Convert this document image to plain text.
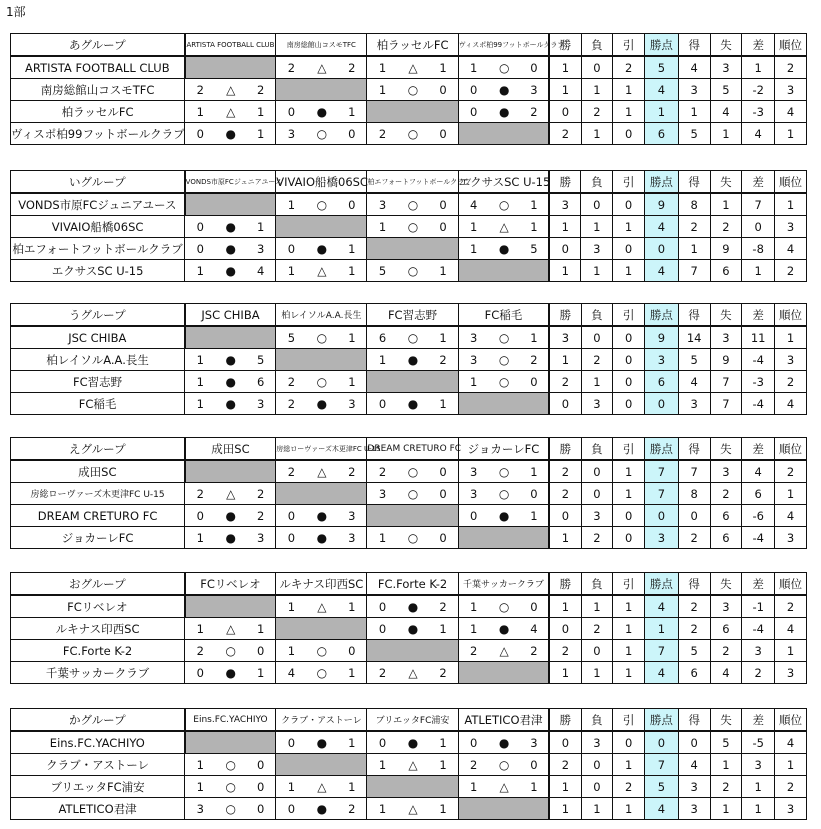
1部
あグループ	ARTISTA FOOTBALL CLUB			南房総館山コスモTFC			柏ラッセルFC			ヴィスポ柏99フットボールクラブ			勝	負	引	勝点	得	失	差	順位
ARTISTA FOOTBALL CLUB				2	△	2	1	△	1	1	○	0	1	0	2	5	4	3	1	2
南房総館山コスモTFC	2	△	2				1	○	0	0	●	3	1	1	1	4	3	5	-2	3
柏ラッセルFC	1	△	1	0	●	1				0	●	2	0	2	1	1	1	4	-3	4
ヴィスポ柏99フットボールクラブ	0	●	1	3	○	0	2	○	0				2	1	0	6	5	1	4	1
いグループ	VONDS市原FCジュニアユース			VIVAIO船橋06SC			柏エフォートフットボールクラブ			エクサスSC U-15			勝	負	引	勝点	得	失	差	順位
VONDS市原FCジュニアユース				1	○	0	3	○	0	4	○	1	3	0	0	9	8	1	7	1
VIVAIO船橋06SC	0	●	1				1	○	0	1	△	1	1	1	1	4	2	2	0	3
柏エフォートフットボールクラブ	0	●	3	0	●	1				1	●	5	0	3	0	0	1	9	-8	4
エクサスSC U-15	1	●	4	1	△	1	5	○	1				1	1	1	4	7	6	1	2
うグループ	JSC CHIBA			柏レイソルA.A.長生			FC習志野			FC稲毛			勝	負	引	勝点	得	失	差	順位
JSC CHIBA				5	○	1	6	○	1	3	○	1	3	0	0	9	14	3	11	1
柏レイソルA.A.長生	1	●	5				1	●	2	3	○	2	1	2	0	3	5	9	-4	3
FC習志野	1	●	6	2	○	1				1	○	0	2	1	0	6	4	7	-3	2
FC稲毛	1	●	3	2	●	3	0	●	1				0	3	0	0	3	7	-4	4
えグループ	成田SC			房総ローヴァーズ木更津FC U-15			DREAM CRETURO FC			ジョカーレFC			勝	負	引	勝点	得	失	差	順位
成田SC				2	△	2	2	○	0	3	○	1	2	0	1	7	7	3	4	2
房総ローヴァーズ木更津FC U-15	2	△	2				3	○	0	3	○	0	2	0	1	7	8	2	6	1
DREAM CRETURO FC	0	●	2	0	●	3				0	●	1	0	3	0	0	0	6	-6	4
ジョカーレFC	1	●	3	0	●	3	1	○	0				1	2	0	3	2	6	-4	3
おグループ	FCリベレオ			ルキナス印西SC			FC.Forte K-2			千葉サッカークラブ			勝	負	引	勝点	得	失	差	順位
FCリベレオ				1	△	1	0	●	2	1	○	0	1	1	1	4	2	3	-1	2
ルキナス印西SC	1	△	1				0	●	1	1	●	4	0	2	1	1	2	6	-4	4
FC.Forte K-2	2	○	0	1	○	0				2	△	2	2	0	1	7	5	2	3	1
千葉サッカークラブ	0	●	1	4	○	1	2	△	2				1	1	1	4	6	4	2	3
かグループ	Eins.FC.YACHIYO			クラブ・アストーレ			ブリエッタFC浦安			ATLETICO君津			勝	負	引	勝点	得	失	差	順位
Eins.FC.YACHIYO				0	●	1	0	●	1	0	●	3	0	3	0	0	0	5	-5	4
クラブ・アストーレ	1	○	0				1	△	1	2	○	0	2	0	1	7	4	1	3	1
ブリエッタFC浦安	1	○	0	1	△	1				1	△	1	1	0	2	5	3	2	1	2
ATLETICO君津	3	○	0	0	●	2	1	△	1				1	1	1	4	3	1	1	3
